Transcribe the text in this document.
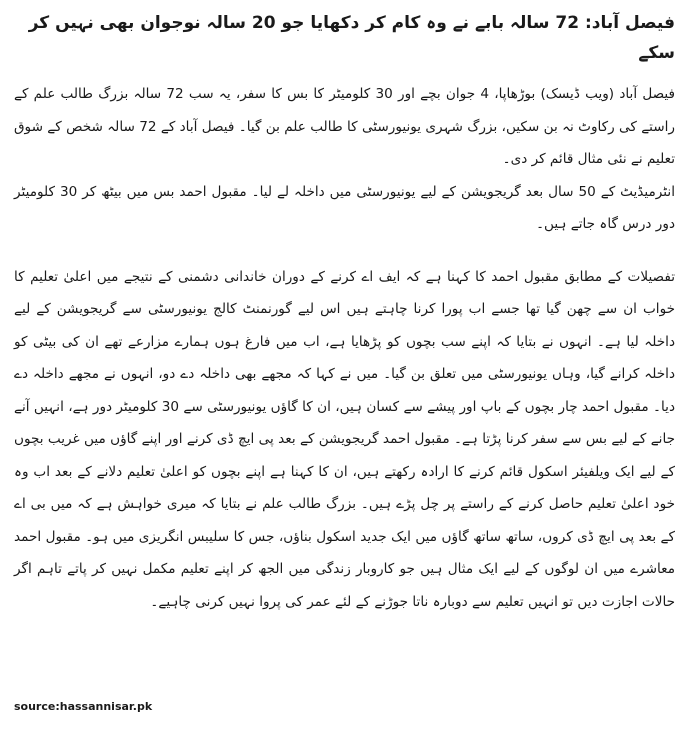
فیصل آباد: 72 سالہ بابے نے وہ کام کر دکھایا جو 20 سالہ نوجوان بھی نہیں کر سکے

فیصل آباد (ویب ڈیسک) بوڑھاپا، 4 جوان بچے اور 30 کلومیٹر کا بس کا سفر، یہ سب 72 سالہ بزرگ طالب علم کے راستے کی رکاوٹ نہ بن سکیں، بزرگ شہری یونیورسٹی کا طالب علم بن گیا۔ فیصل آباد کے 72 سالہ شخص کے شوق تعلیم نے نئی مثال قائم کر دی۔

انٹرمیڈیٹ کے 50 سال بعد گریجویشن کے لیے یونیورسٹی میں داخلہ لے لیا۔ مقبول احمد بس میں بیٹھ کر 30 کلومیٹر دور درس گاہ جاتے ہیں۔

تفصیلات کے مطابق مقبول احمد کا کہنا ہے کہ ایف اے کرنے کے دوران خاندانی دشمنی کے نتیجے میں اعلیٰ تعلیم کا خواب ان سے چھن گیا تھا جسے اب پورا کرنا چاہتے ہیں اس لیے گورنمنٹ کالج یونیورسٹی سے گریجویشن کے لیے داخلہ لیا ہے۔ انہوں نے بتایا کہ اپنے سب بچوں کو پڑھایا ہے، اب میں فارغ ہوں ہمارے مزارعے تھے ان کی بیٹی کو داخلہ کرانے گیا، وہاں یونیورسٹی میں تعلق بن گیا۔ میں نے کہا کہ مجھے بھی داخلہ دے دو، انہوں نے مجھے داخلہ دے دیا۔ مقبول احمد چار بچوں کے باپ اور پیشے سے کسان ہیں، ان کا گاؤں یونیورسٹی سے 30 کلومیٹر دور ہے، انہیں آنے جانے کے لیے بس سے سفر کرنا پڑتا ہے۔ مقبول احمد گریجویشن کے بعد پی ایچ ڈی کرنے اور اپنے گاؤں میں غریب بچوں کے لیے ایک ویلفیئر اسکول قائم کرنے کا ارادہ رکھتے ہیں، ان کا کہنا ہے اپنے بچوں کو اعلیٰ تعلیم دلانے کے بعد اب وہ خود اعلیٰ تعلیم حاصل کرنے کے راستے پر چل پڑے ہیں۔ بزرگ طالب علم نے بتایا کہ میری خواہش ہے کہ میں بی اے کے بعد پی ایچ ڈی کروں، ساتھ ساتھ گاؤں میں ایک جدید اسکول بناؤں، جس کا سلیبس انگریزی میں ہو۔ مقبول احمد معاشرے میں ان لوگوں کے لیے ایک مثال ہیں جو کاروبار زندگی میں الجھ کر اپنے تعلیم مکمل نہیں کر پاتے تاہم اگر حالات اجازت دیں تو انہیں تعلیم سے دوبارہ ناتا جوڑنے کے لئے عمر کی پروا نہیں کرنی چاہیے۔

source:hassannisar.pk
